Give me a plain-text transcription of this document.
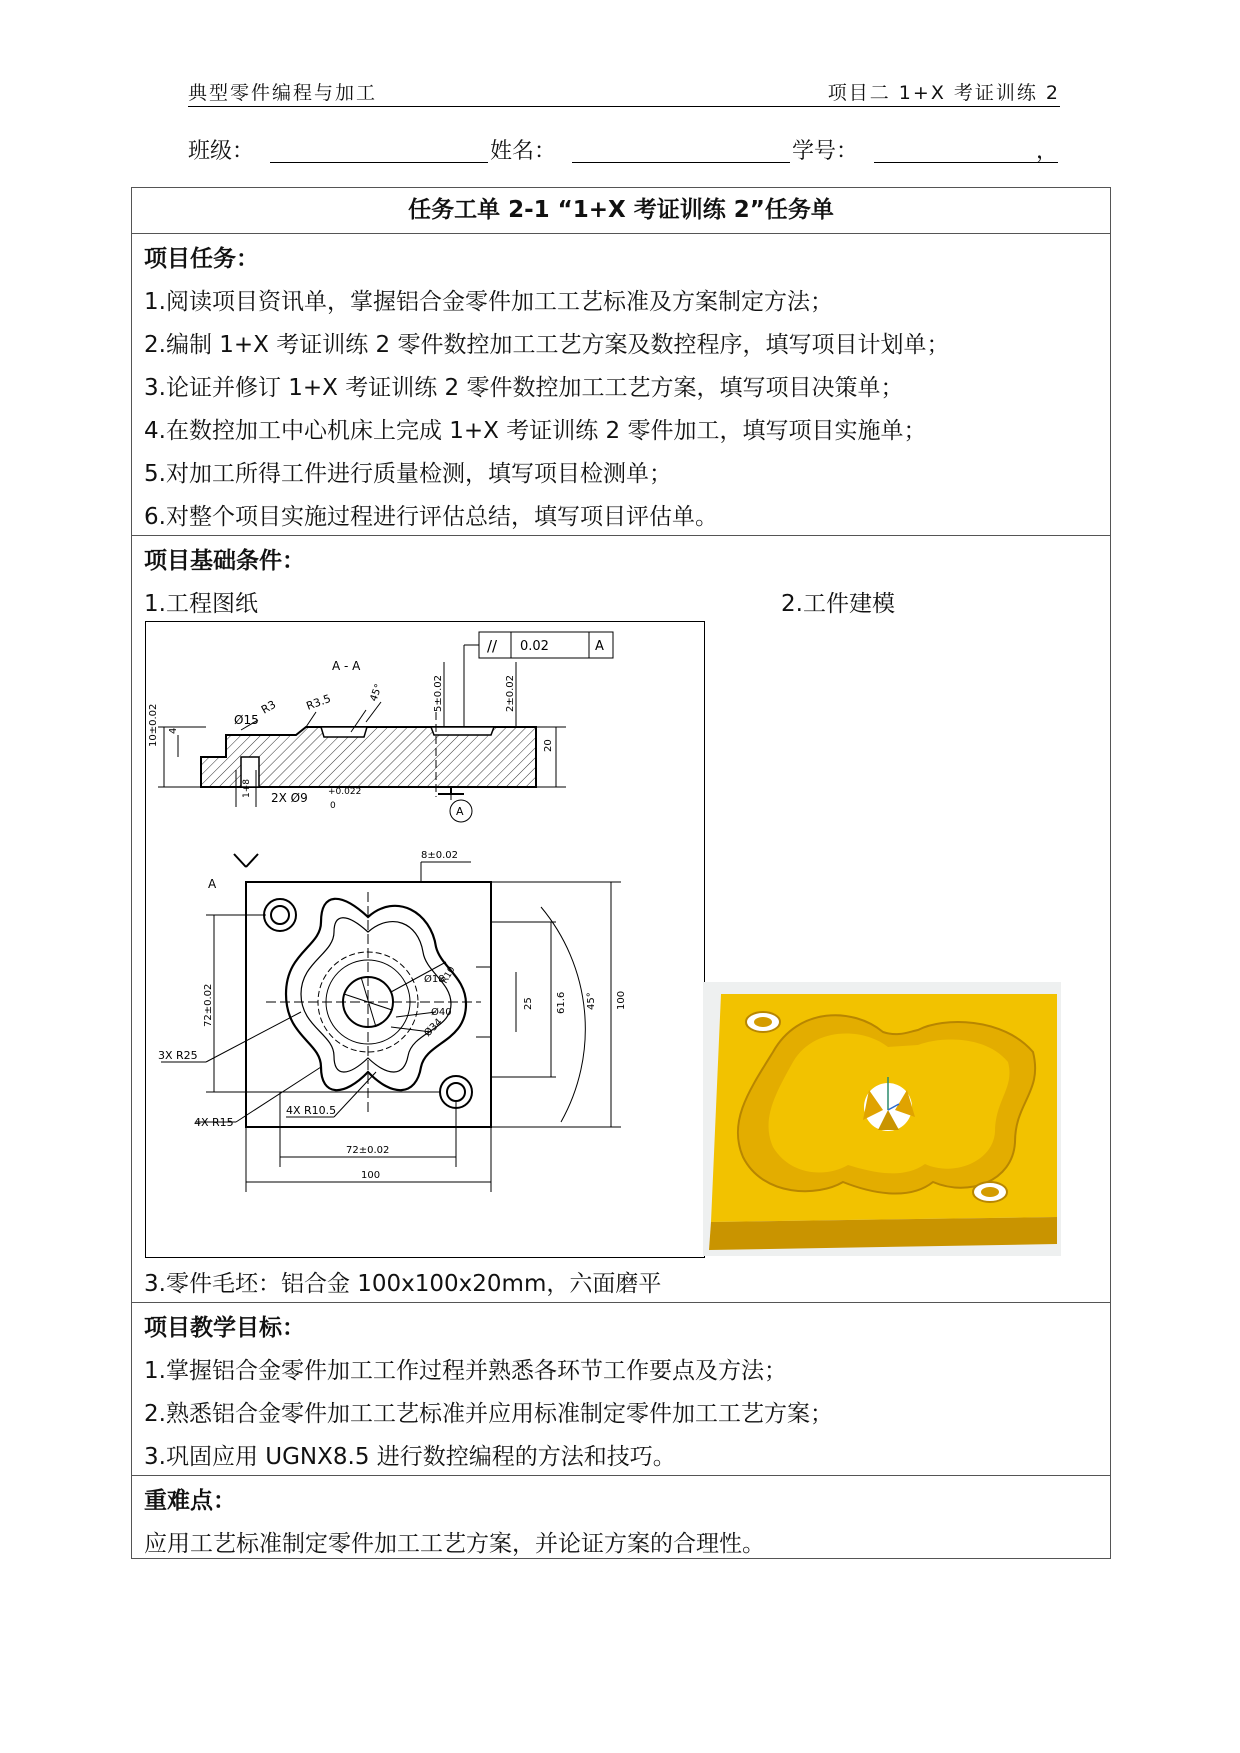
典型零件编程与加工	项目二 1+X 考证训练 2
班级：	姓名：	学号：	，
任务工单 2-1 “1+X 考证训练 2”任务单
项目任务：
1.阅读项目资讯单，掌握铝合金零件加工工艺标准及方案制定方法；
2.编制 1+X 考证训练 2 零件数控加工工艺方案及数控程序，填写项目计划单；
3.论证并修订 1+X 考证训练 2 零件数控加工工艺方案，填写项目决策单；
4.在数控加工中心机床上完成 1+X 考证训练 2 零件加工，填写项目实施单；
5.对加工所得工件进行质量检测，填写项目检测单；
6.对整个项目实施过程进行评估总结，填写项目评估单。
项目基础条件：
1.工程图纸	2.工件建模
3.零件毛坯：铝合金 100x100x20mm，六面磨平
项目教学目标：
1.掌握铝合金零件加工工作过程并熟悉各环节工作要点及方法；
2.熟悉铝合金零件加工工艺标准并应用标准制定零件加工工艺方案；
3.巩固应用 UGNX8.5 进行数控编程的方法和技巧。
重难点：
应用工艺标准制定零件加工工艺方案，并论证方案的合理性。
A - A
// 0.02	A
A
Ø15
R3 R3.5	45°
10±0.02 4
5±0.02	2±0.02
20
1+8 2X Ø9 +0.022
0
A
8±0.02
72±0.02
3X R25
4X R15
4X R10.5
Ø18
R10
Ø40
Ø34
25 61.6 45° 100
72±0.02
100
